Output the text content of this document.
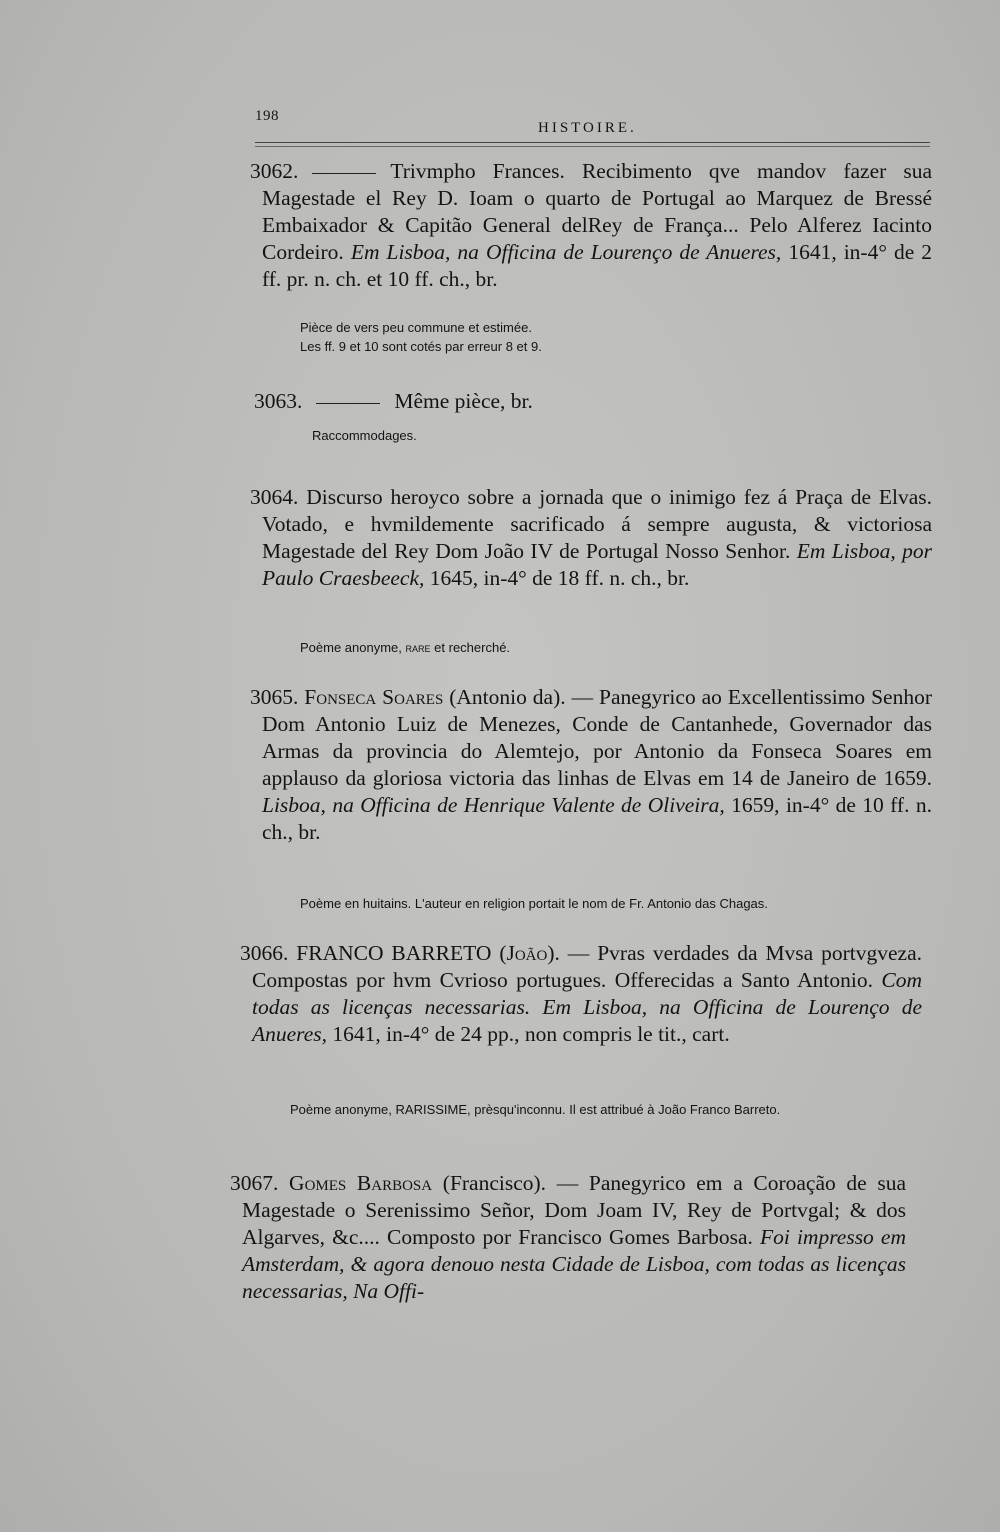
198
HISTOIRE.
3062.	Trivmpho Frances. Recibimento qve mandov fazer sua Magestade el Rey D. Ioam o quarto de Portugal ao Marquez de Bressé Embaixador & Capitão General delRey de França... Pelo Alferez Iacinto Cordeiro. Em Lisboa, na Officina de Lourenço de Anueres, 1641, in-4° de 2 ff. pr. n. ch. et 10 ff. ch., br.
Pièce de vers peu commune et estimée.
Les ff. 9 et 10 sont cotés par erreur 8 et 9.
3063.	Même pièce, br.
Raccommodages.
3064. Discurso heroyco sobre a jornada que o inimigo fez á Praça de Elvas. Votado, e hvmildemente sacrificado á sempre augusta, & victoriosa Magestade del Rey Dom João IV de Portugal Nosso Senhor. Em Lisboa, por Paulo Craesbeeck, 1645, in-4° de 18 ff. n. ch., br.
Poème anonyme, rare et recherché.
3065. Fonseca Soares (Antonio da). — Panegyrico ao Excellentissimo Senhor Dom Antonio Luiz de Menezes, Conde de Cantanhede, Governador das Armas da provincia do Alemtejo, por Antonio da Fonseca Soares em applauso da gloriosa victoria das linhas de Elvas em 14 de Janeiro de 1659. Lisboa, na Officina de Henrique Valente de Oliveira, 1659, in-4° de 10 ff. n. ch., br.
Poème en huitains. L'auteur en religion portait le nom de Fr. Antonio das Chagas.
3066. FRANCO BARRETO (João). — Pvras verdades da Mvsa portvgveza. Compostas por hvm Cvrioso portugues. Offerecidas a Santo Antonio. Com todas as licenças necessarias. Em Lisboa, na Officina de Lourenço de Anueres, 1641, in-4° de 24 pp., non compris le tit., cart.
Poème anonyme, RARISSIME, prèsqu'inconnu. Il est attribué à João Franco Barreto.
3067. Gomes Barbosa (Francisco). — Panegyrico em a Coroação de sua Magestade o Serenissimo Señor, Dom Joam IV, Rey de Portvgal; & dos Algarves, &c.... Composto por Francisco Gomes Barbosa. Foi impresso em Amsterdam, & agora denouo nesta Cidade de Lisboa, com todas as licenças necessarias, Na Offi-
